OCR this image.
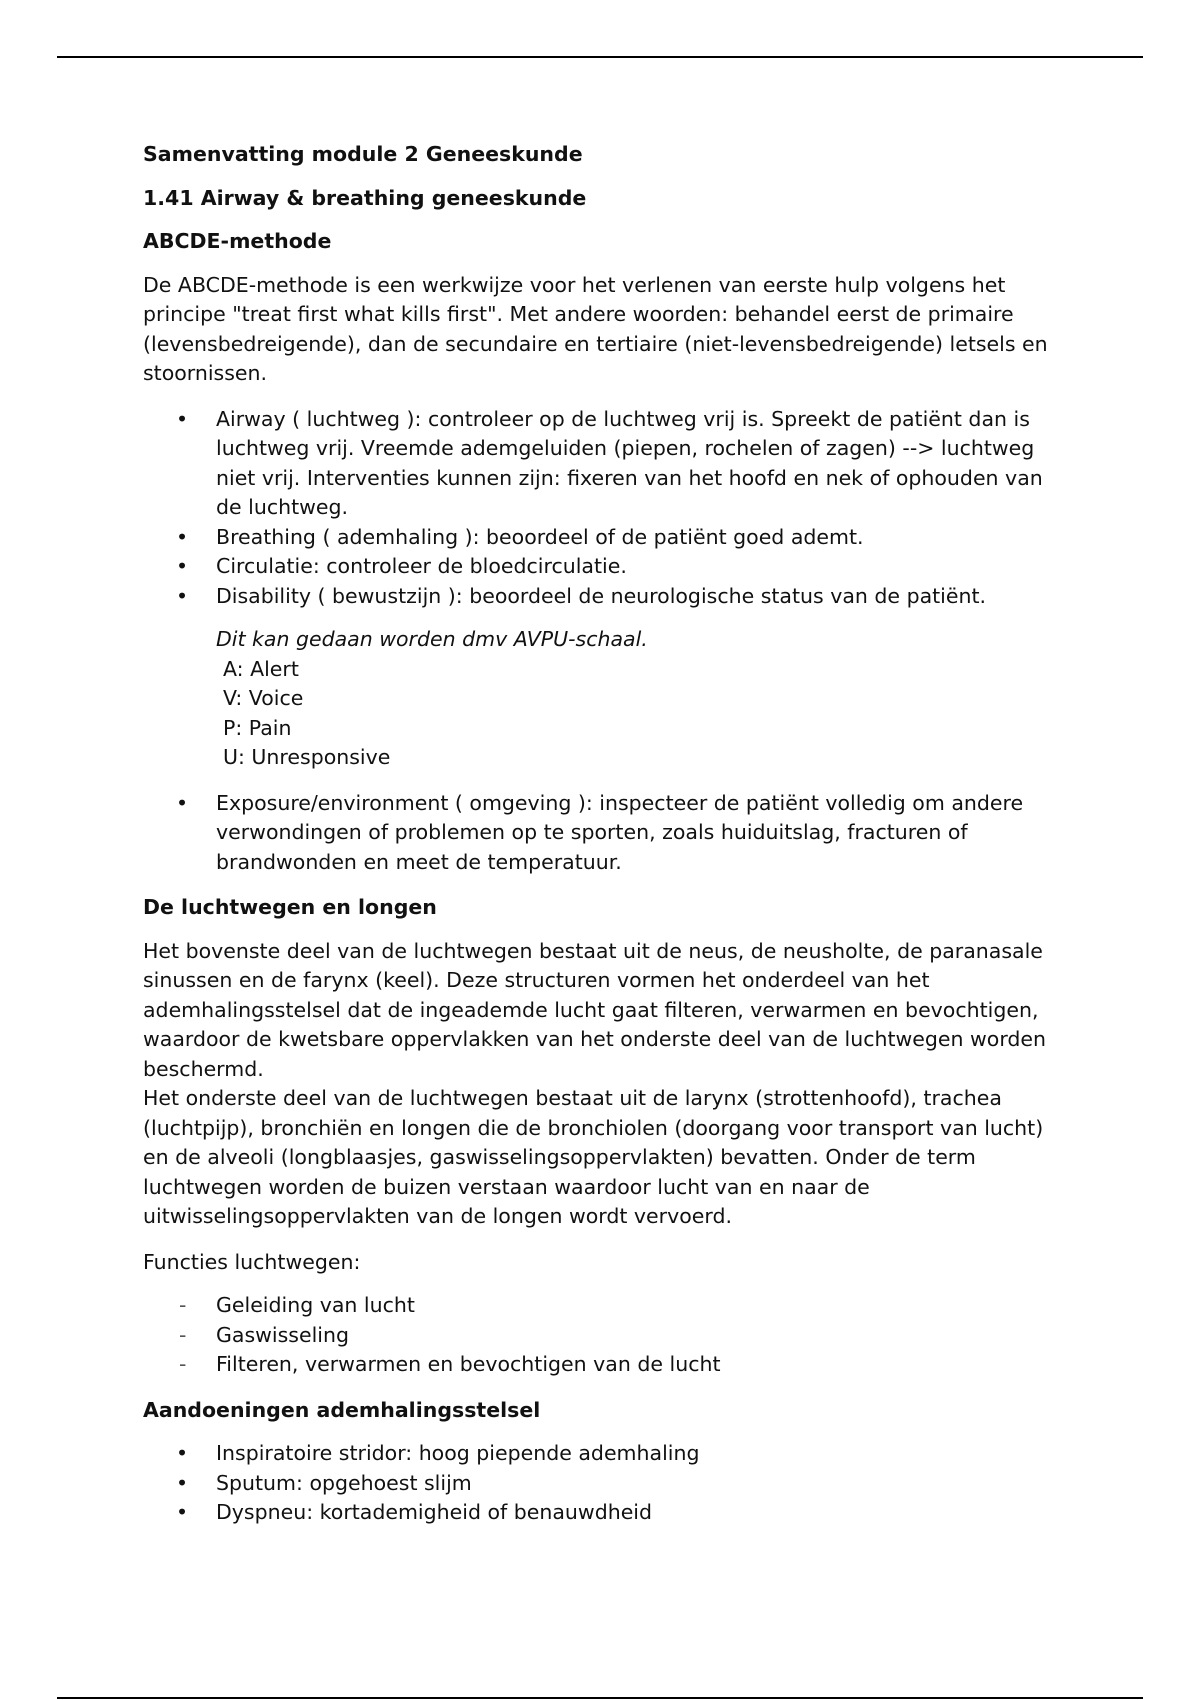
Samenvatting module 2 Geneeskunde
1.41 Airway & breathing geneeskunde
ABCDE-methode

De ABCDE-methode is een werkwijze voor het verlenen van eerste hulp volgens het principe "treat first what kills first". Met andere woorden: behandel eerst de primaire (levensbedreigende), dan de secundaire en tertiaire (niet-levensbedreigende) letsels en stoornissen.

• Airway ( luchtweg ): controleer op de luchtweg vrij is. Spreekt de patiënt dan is luchtweg vrij. Vreemde ademgeluiden (piepen, rochelen of zagen) --> luchtweg niet vrij. Interventies kunnen zijn: fixeren van het hoofd en nek of ophouden van de luchtweg.
• Breathing ( ademhaling ): beoordeel of de patiënt goed ademt.
• Circulatie: controleer de bloedcirculatie.
• Disability ( bewustzijn ): beoordeel de neurologische status van de patiënt.
Dit kan gedaan worden dmv AVPU-schaal.
A: Alert
V: Voice
P: Pain
U: Unresponsive
• Exposure/environment ( omgeving ): inspecteer de patiënt volledig om andere verwondingen of problemen op te sporten, zoals huiduitslag, fracturen of brandwonden en meet de temperatuur.
De luchtwegen en longen

Het bovenste deel van de luchtwegen bestaat uit de neus, de neusholte, de paranasale sinussen en de farynx (keel). Deze structuren vormen het onderdeel van het ademhalingsstelsel dat de ingeademde lucht gaat filteren, verwarmen en bevochtigen, waardoor de kwetsbare oppervlakken van het onderste deel van de luchtwegen worden beschermd.

Het onderste deel van de luchtwegen bestaat uit de larynx (strottenhoofd), trachea (luchtpijp), bronchiën en longen die de bronchiolen (doorgang voor transport van lucht) en de alveoli (longblaasjes, gaswisselingsoppervlakten) bevatten. Onder de term luchtwegen worden de buizen verstaan waardoor lucht van en naar de uitwisselingsoppervlakten van de longen wordt vervoerd.

Functies luchtwegen:

- Geleiding van lucht
- Gaswisseling
- Filteren, verwarmen en bevochtigen van de lucht
Aandoeningen ademhalingsstelsel
• Inspiratoire stridor: hoog piepende ademhaling
• Sputum: opgehoest slijm
• Dyspneu: kortademigheid of benauwdheid
